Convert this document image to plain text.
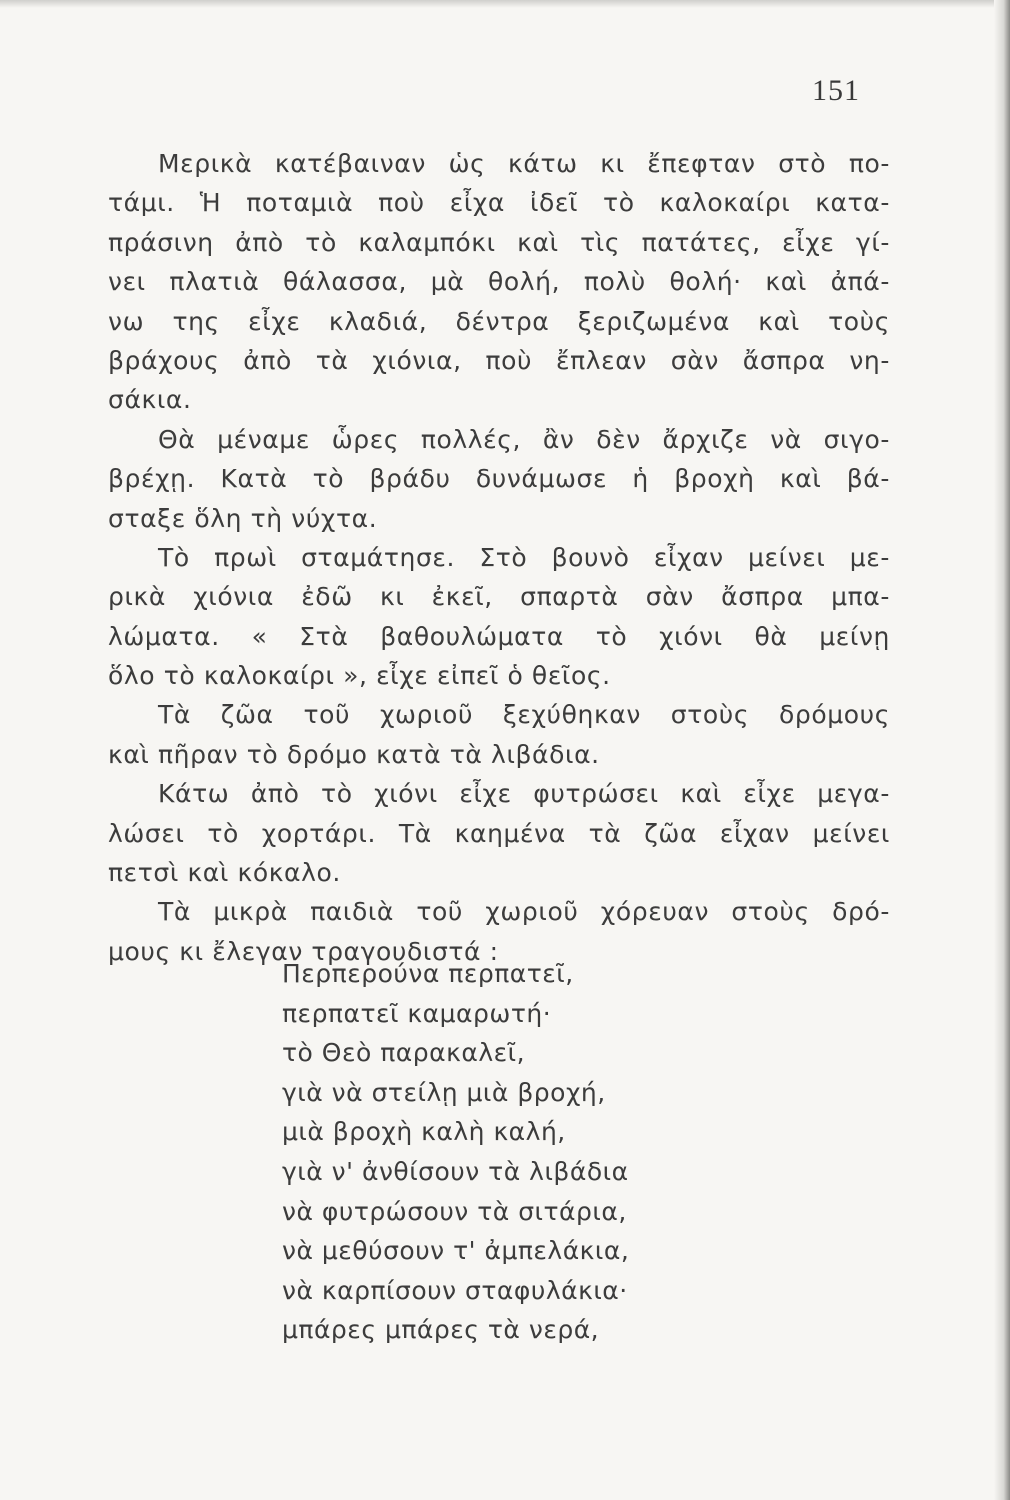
151
Μερικὰ κατέβαιναν ὡς κάτω κι ἔπεφταν στὸ πο-
τάμι. Ἡ ποταμιὰ ποὺ εἶχα ἰδεῖ τὸ καλοκαίρι κατα-
πράσινη ἀπὸ τὸ καλαμπόκι καὶ τὶς πατάτες, εἶχε γί-
νει πλατιὰ θάλασσα, μὰ θολή, πολὺ θολή· καὶ ἀπά-
νω της εἶχε κλαδιά, δέντρα ξεριζωμένα καὶ τοὺς
βράχους ἀπὸ τὰ χιόνια, ποὺ ἔπλεαν σὰν ἄσπρα νη-
σάκια.
Θὰ μέναμε ὧρες πολλές, ἂν δὲν ἄρχιζε νὰ σιγο-
βρέχῃ. Κατὰ τὸ βράδυ δυνάμωσε ἡ βροχὴ καὶ βά-
σταξε ὅλη τὴ νύχτα.
Τὸ πρωὶ σταμάτησε. Στὸ βουνὸ εἶχαν μείνει με-
ρικὰ χιόνια ἐδῶ κι ἐκεῖ, σπαρτὰ σὰν ἄσπρα μπα-
λώματα. « Στὰ βαθουλώματα τὸ χιόνι θὰ μείνῃ
ὅλο τὸ καλοκαίρι », εἶχε εἰπεῖ ὁ θεῖος.
Τὰ ζῶα τοῦ χωριοῦ ξεχύθηκαν στοὺς δρόμους
καὶ πῆραν τὸ δρόμο κατὰ τὰ λιβάδια.
Κάτω ἀπὸ τὸ χιόνι εἶχε φυτρώσει καὶ εἶχε μεγα-
λώσει τὸ χορτάρι. Τὰ καημένα τὰ ζῶα εἶχαν μείνει
πετσὶ καὶ κόκαλο.
Τὰ μικρὰ παιδιὰ τοῦ χωριοῦ χόρευαν στοὺς δρό-
μους κι ἔλεγαν τραγουδιστά :
Περπερούνα περπατεῖ,
περπατεῖ καμαρωτή·
τὸ Θεὸ παρακαλεῖ,
γιὰ νὰ στείλῃ μιὰ βροχή,
μιὰ βροχὴ καλὴ καλή,
γιὰ ν' ἀνθίσουν τὰ λιβάδια
νὰ φυτρώσουν τὰ σιτάρια,
νὰ μεθύσουν τ' ἀμπελάκια,
νὰ καρπίσουν σταφυλάκια·
μπάρες μπάρες τὰ νερά,
